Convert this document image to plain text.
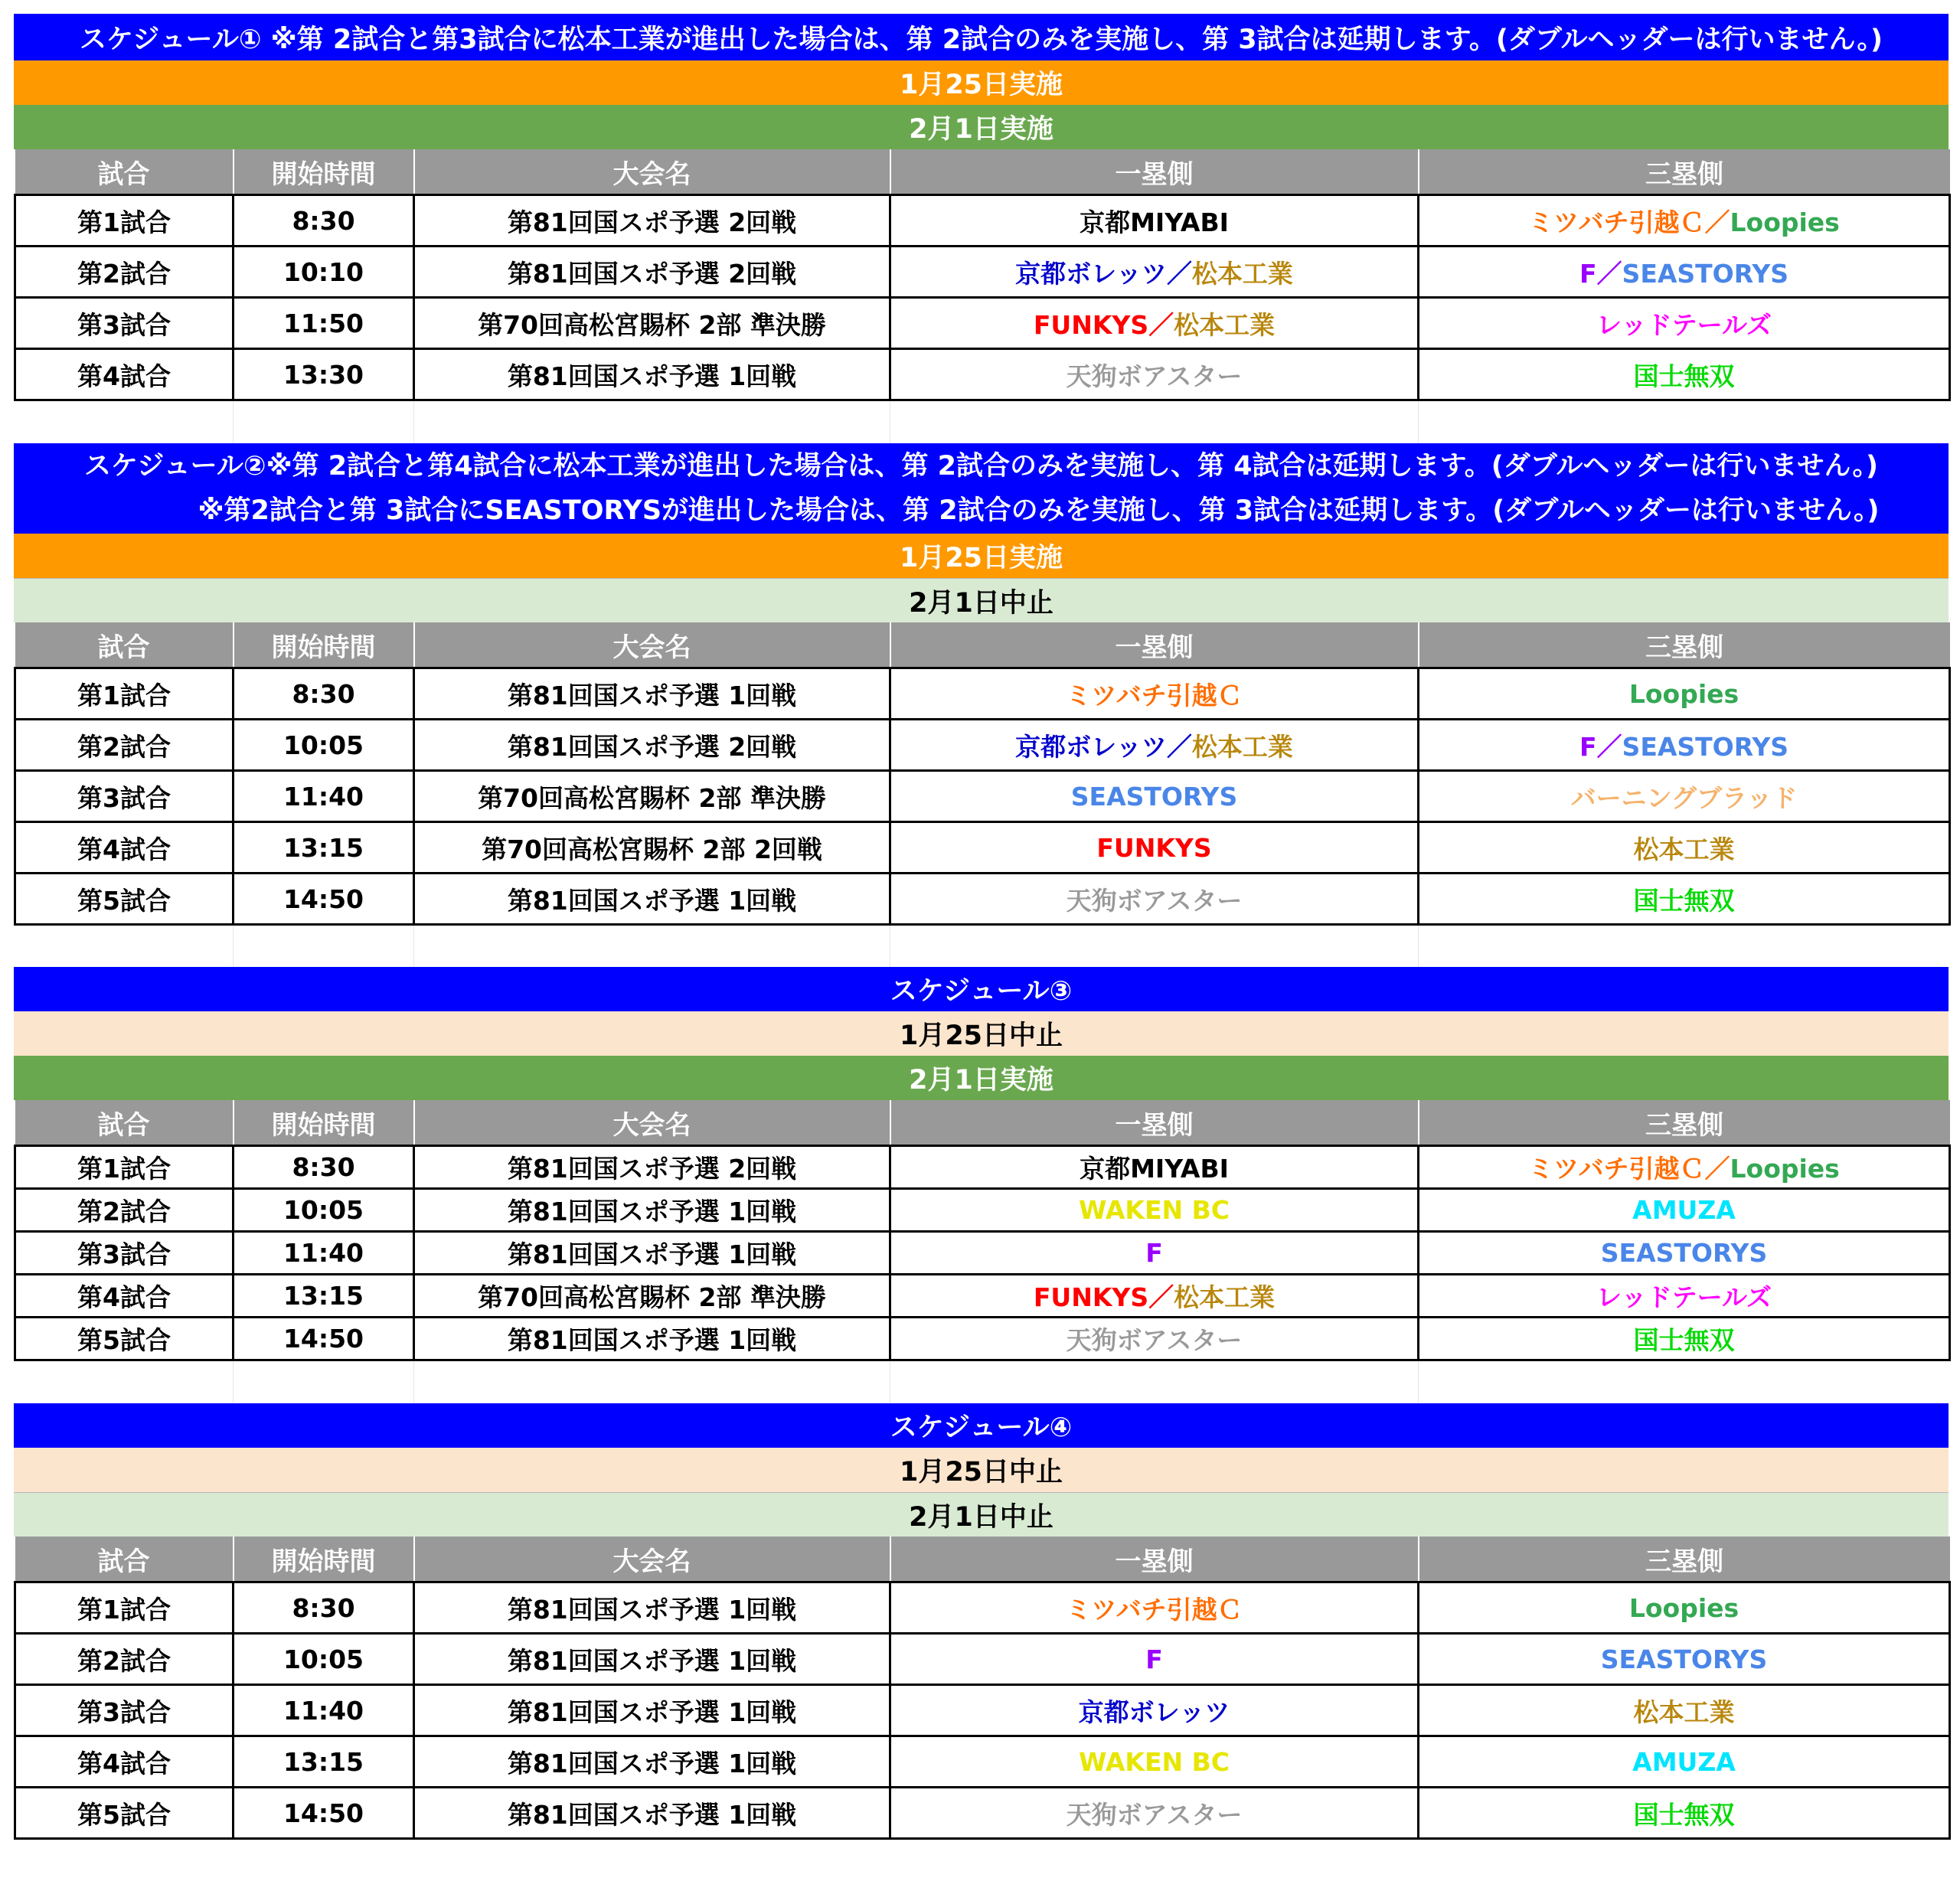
スケジュール① ※第 2試合と第3試合に松本工業が進出した場合は、第 2試合のみを実施し、第 3試合は延期します。(ダブルヘッダーは行いません。)
1月25日実施
2月1日実施
試合	開始時間	大会名	一塁側	三塁側
第1試合	8:30	第81回国スポ予選 2回戦	京都MIYABI	ミツバチ引越Ｃ／Loopies
第2試合	10:10	第81回国スポ予選 2回戦	京都ボレッツ／松本工業	F／SEASTORYS
第3試合	11:50	第70回高松宮賜杯 2部 準決勝	FUNKYS／松本工業	レッドテールズ
第4試合	13:30	第81回国スポ予選 1回戦	天狗ボアスター	国士無双

スケジュール②※第 2試合と第4試合に松本工業が進出した場合は、第 2試合のみを実施し、第 4試合は延期します。(ダブルヘッダーは行いません。)
※第2試合と第 3試合にSEASTORYSが進出した場合は、第 2試合のみを実施し、第 3試合は延期します。(ダブルヘッダーは行いません。)
1月25日実施
2月1日中止
試合	開始時間	大会名	一塁側	三塁側
第1試合	8:30	第81回国スポ予選 1回戦	ミツバチ引越Ｃ	Loopies
第2試合	10:05	第81回国スポ予選 2回戦	京都ボレッツ／松本工業	F／SEASTORYS
第3試合	11:40	第70回高松宮賜杯 2部 準決勝	SEASTORYS	バーニングブラッド
第4試合	13:15	第70回高松宮賜杯 2部 2回戦	FUNKYS	松本工業
第5試合	14:50	第81回国スポ予選 1回戦	天狗ボアスター	国士無双

スケジュール③
1月25日中止
2月1日実施
試合	開始時間	大会名	一塁側	三塁側
第1試合	8:30	第81回国スポ予選 2回戦	京都MIYABI	ミツバチ引越Ｃ／Loopies
第2試合	10:05	第81回国スポ予選 1回戦	WAKEN BC	AMUZA
第3試合	11:40	第81回国スポ予選 1回戦	F	SEASTORYS
第4試合	13:15	第70回高松宮賜杯 2部 準決勝	FUNKYS／松本工業	レッドテールズ
第5試合	14:50	第81回国スポ予選 1回戦	天狗ボアスター	国士無双

スケジュール④
1月25日中止
2月1日中止
試合	開始時間	大会名	一塁側	三塁側
第1試合	8:30	第81回国スポ予選 1回戦	ミツバチ引越Ｃ	Loopies
第2試合	10:05	第81回国スポ予選 1回戦	F	SEASTORYS
第3試合	11:40	第81回国スポ予選 1回戦	京都ボレッツ	松本工業
第4試合	13:15	第81回国スポ予選 1回戦	WAKEN BC	AMUZA
第5試合	14:50	第81回国スポ予選 1回戦	天狗ボアスター	国士無双
